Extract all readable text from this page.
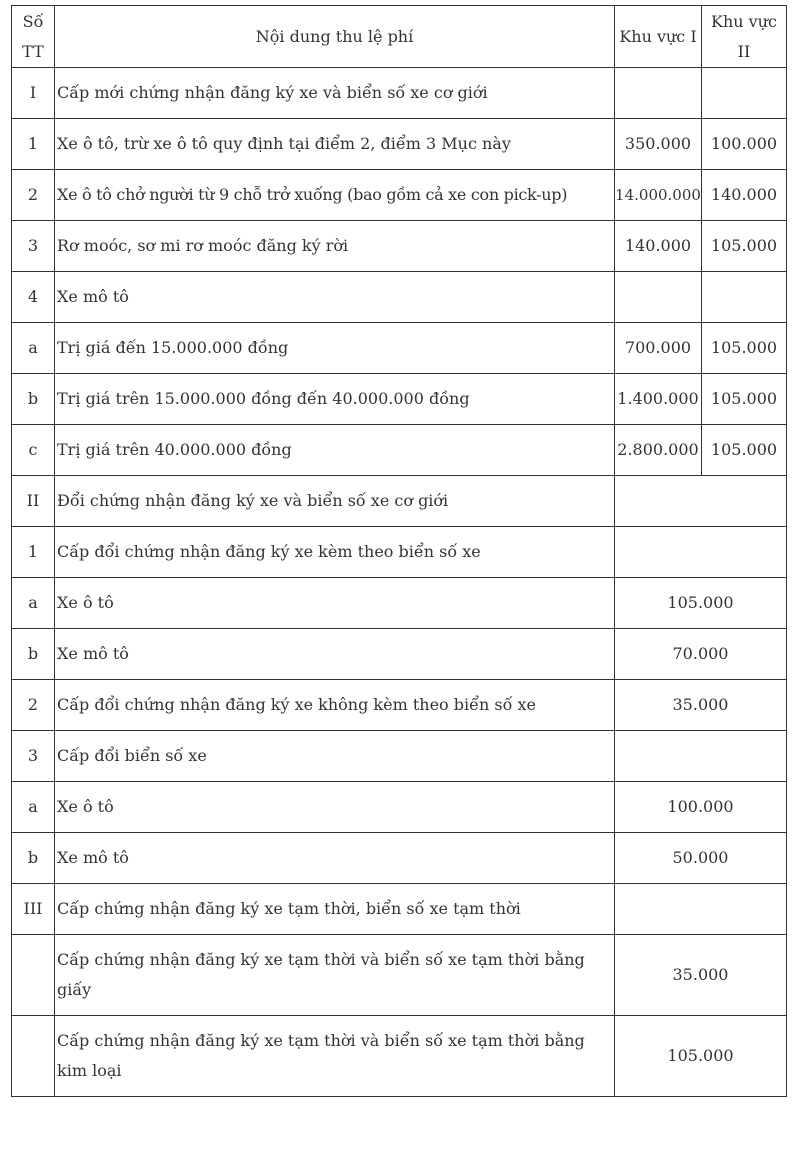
Số TT	Nội dung thu lệ phí	Khu vực I	Khu vực II
I	Cấp mới chứng nhận đăng ký xe và biển số xe cơ giới		
1	Xe ô tô, trừ xe ô tô quy định tại điểm 2, điểm 3 Mục này	350.000	100.000
2	Xe ô tô chở người từ 9 chỗ trở xuống (bao gồm cả xe con pick-up)	14.000.000	140.000
3	Rơ moóc, sơ mi rơ moóc đăng ký rời	140.000	105.000
4	Xe mô tô		
a	Trị giá đến 15.000.000 đồng	700.000	105.000
b	Trị giá trên 15.000.000 đồng đến 40.000.000 đồng	1.400.000	105.000
c	Trị giá trên 40.000.000 đồng	2.800.000	105.000
II	Đổi chứng nhận đăng ký xe và biển số xe cơ giới		
1	Cấp đổi chứng nhận đăng ký xe kèm theo biển số xe		
a	Xe ô tô	105.000	
b	Xe mô tô	70.000	
2	Cấp đổi chứng nhận đăng ký xe không kèm theo biển số xe	35.000	
3	Cấp đổi biển số xe		
a	Xe ô tô	100.000	
b	Xe mô tô	50.000	
III	Cấp chứng nhận đăng ký xe tạm thời, biển số xe tạm thời		
	Cấp chứng nhận đăng ký xe tạm thời và biển số xe tạm thời bằng giấy	35.000	
	Cấp chứng nhận đăng ký xe tạm thời và biển số xe tạm thời bằng kim loại	105.000	
